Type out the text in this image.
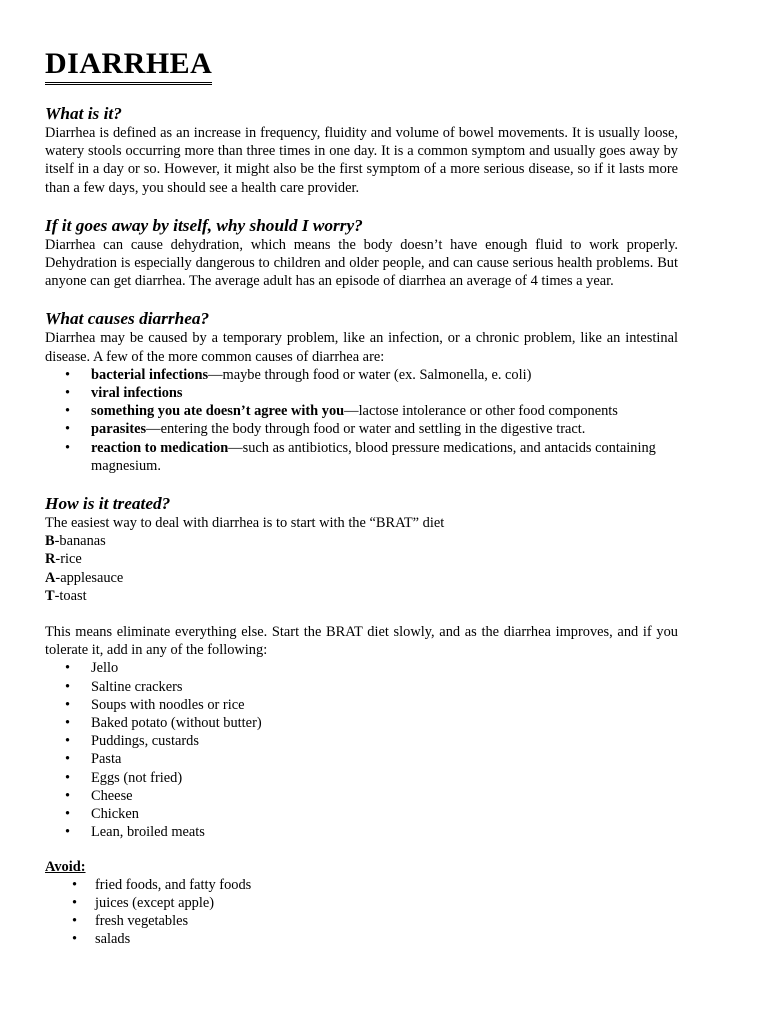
DIARRHEA
What is it?

Diarrhea is defined as an increase in frequency, fluidity and volume of bowel movements. It is usually loose, watery stools occurring more than three times in one day. It is a common symptom and usually goes away by itself in a day or so. However, it might also be the first symptom of a more serious disease, so if it lasts more than a few days, you should see a health care provider.

If it goes away by itself, why should I worry?

Diarrhea can cause dehydration, which means the body doesn’t have enough fluid to work properly. Dehydration is especially dangerous to children and older people, and can cause serious health problems. But anyone can get diarrhea. The average adult has an episode of diarrhea an average of 4 times a year.

What causes diarrhea?

Diarrhea may be caused by a temporary problem, like an infection, or a chronic problem, like an intestinal disease. A few of the more common causes of diarrhea are:

• bacterial infections—maybe through food or water (ex. Salmonella, e. coli)
• viral infections
• something you ate doesn’t agree with you—lactose intolerance or other food components
• parasites—entering the body through food or water and settling in the digestive tract.
• reaction to medication—such as antibiotics, blood pressure medications, and antacids containing magnesium.
How is it treated?

The easiest way to deal with diarrhea is to start with the “BRAT” diet

B-bananas
R-rice
A-applesauce
T-toast

This means eliminate everything else. Start the BRAT diet slowly, and as the diarrhea improves, and if you tolerate it, add in any of the following:

• Jello
• Saltine crackers
• Soups with noodles or rice
• Baked potato (without butter)
• Puddings, custards
• Pasta
• Eggs (not fried)
• Cheese
• Chicken
• Lean, broiled meats
Avoid:
• fried foods, and fatty foods
• juices (except apple)
• fresh vegetables
• salads
